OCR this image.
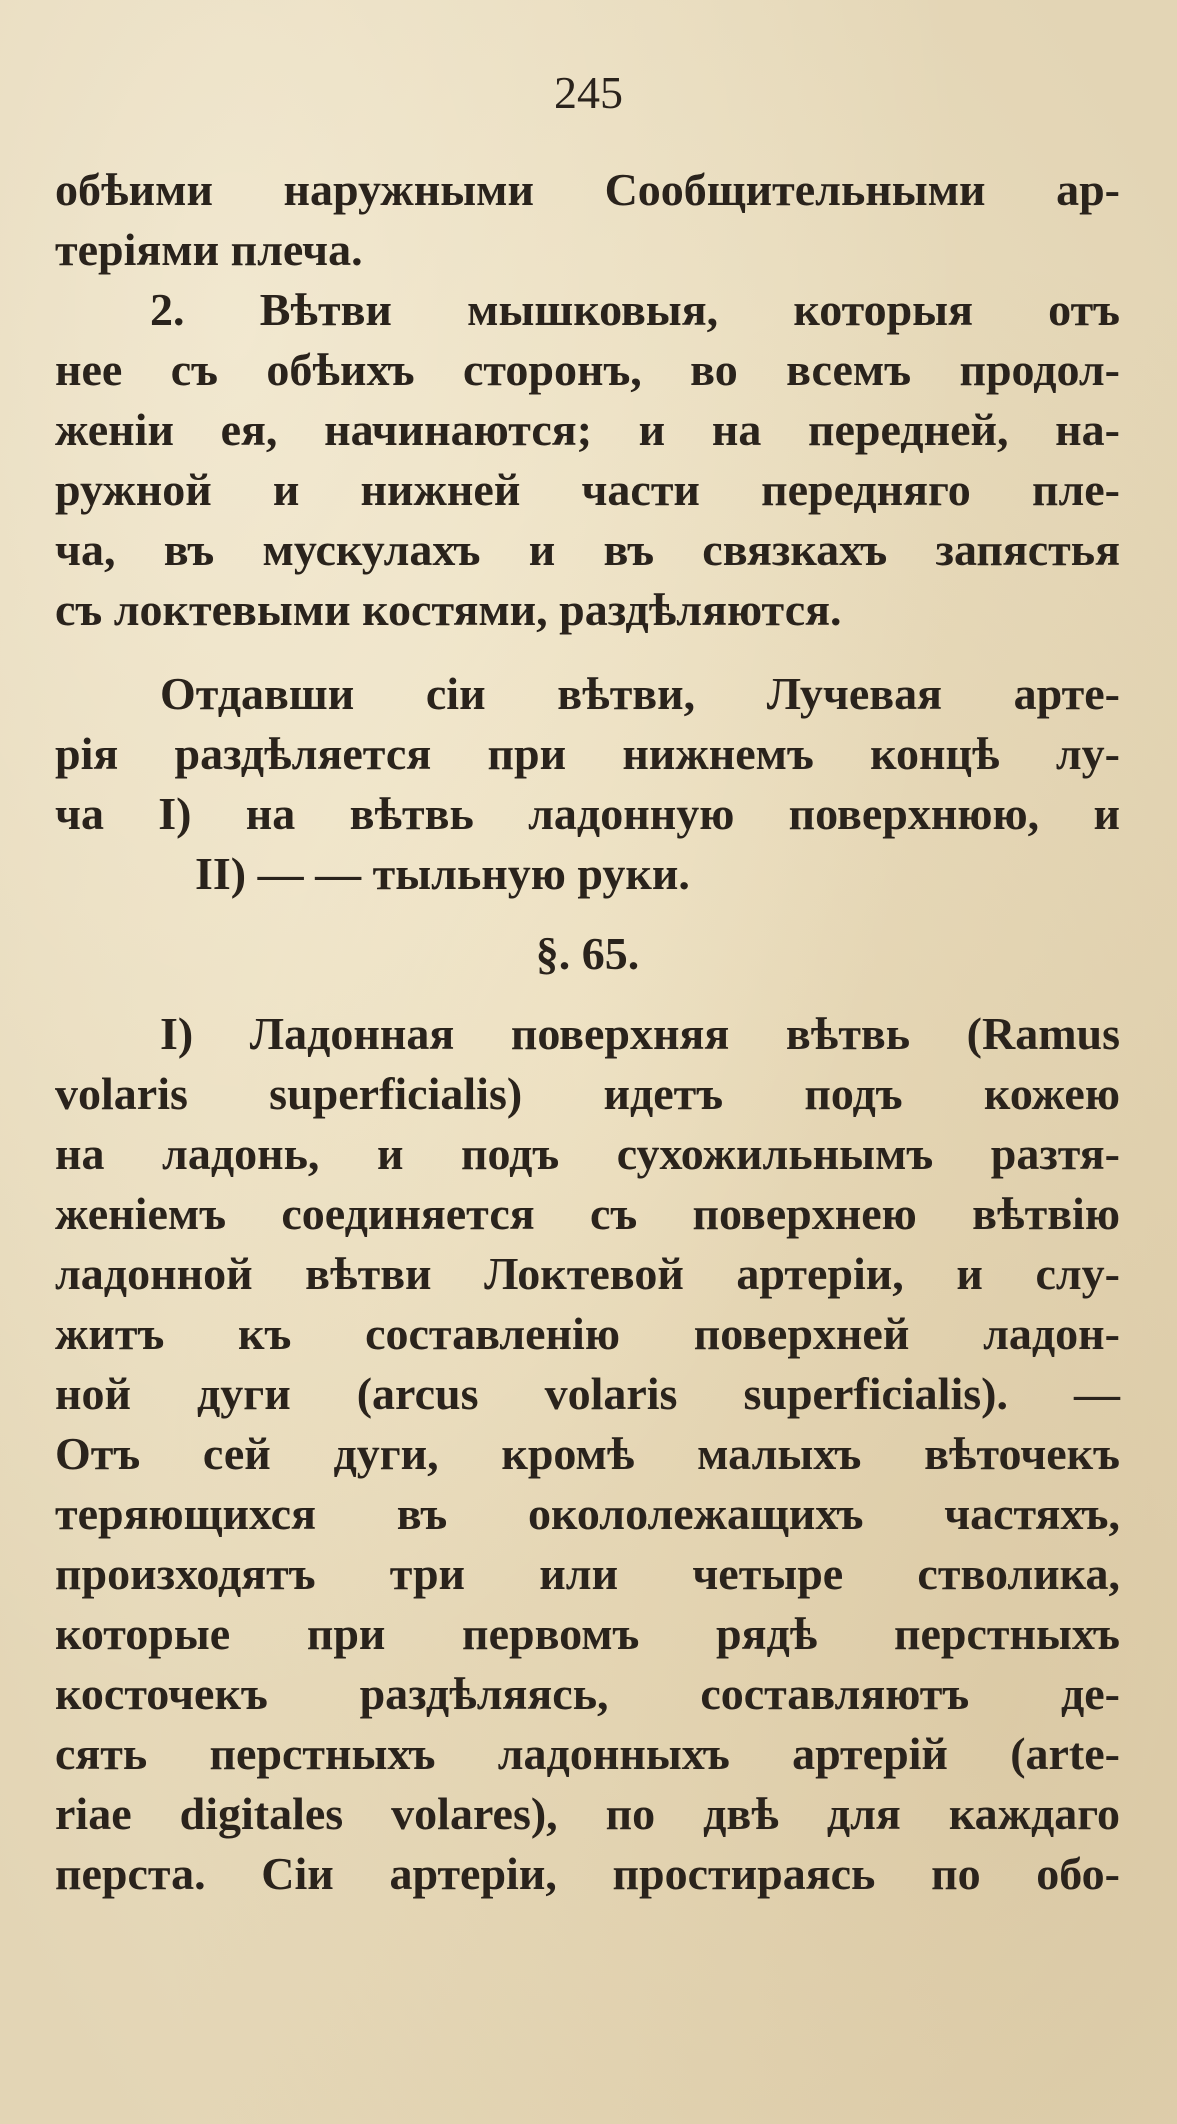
245
обѣими наружными Сообщительными ар-
теріями плеча.
2. Вѣтви мышковыя, которыя отъ
нее съ обѣихъ сторонъ, во всемъ продол-
женіи ея, начинаются; и на передней, на-
ружной и нижней части передняго пле-
ча, въ мускулахъ и въ связкахъ запястья
съ локтевыми костями, раздѣляются.
Отдавши сіи вѣтви, Лучевая арте-
рія раздѣляется при нижнемъ концѣ лу-
ча I) на вѣтвь ладонную поверхнюю, и
II) — — тыльную руки.
§. 65.
I) Ладонная поверхняя вѣтвь (Ramus
volaris superficialis) идетъ подъ кожею
на ладонь, и подъ сухожильнымъ разтя-
женіемъ соединяется съ поверхнею вѣтвію
ладонной вѣтви Локтевой артеріи, и слу-
житъ къ составленію поверхней ладон-
ной дуги (arcus volaris superficialis). —
Отъ сей дуги, кромѣ малыхъ вѣточекъ
теряющихся въ окололежащихъ частяхъ,
произходятъ три или четыре стволика,
которые при первомъ рядѣ перстныхъ
косточекъ раздѣляясь, составляютъ де-
сять перстныхъ ладонныхъ артерій (arte-
riae digitales volares), по двѣ для каждаго
перста. Сіи артеріи, простираясь по обо-
